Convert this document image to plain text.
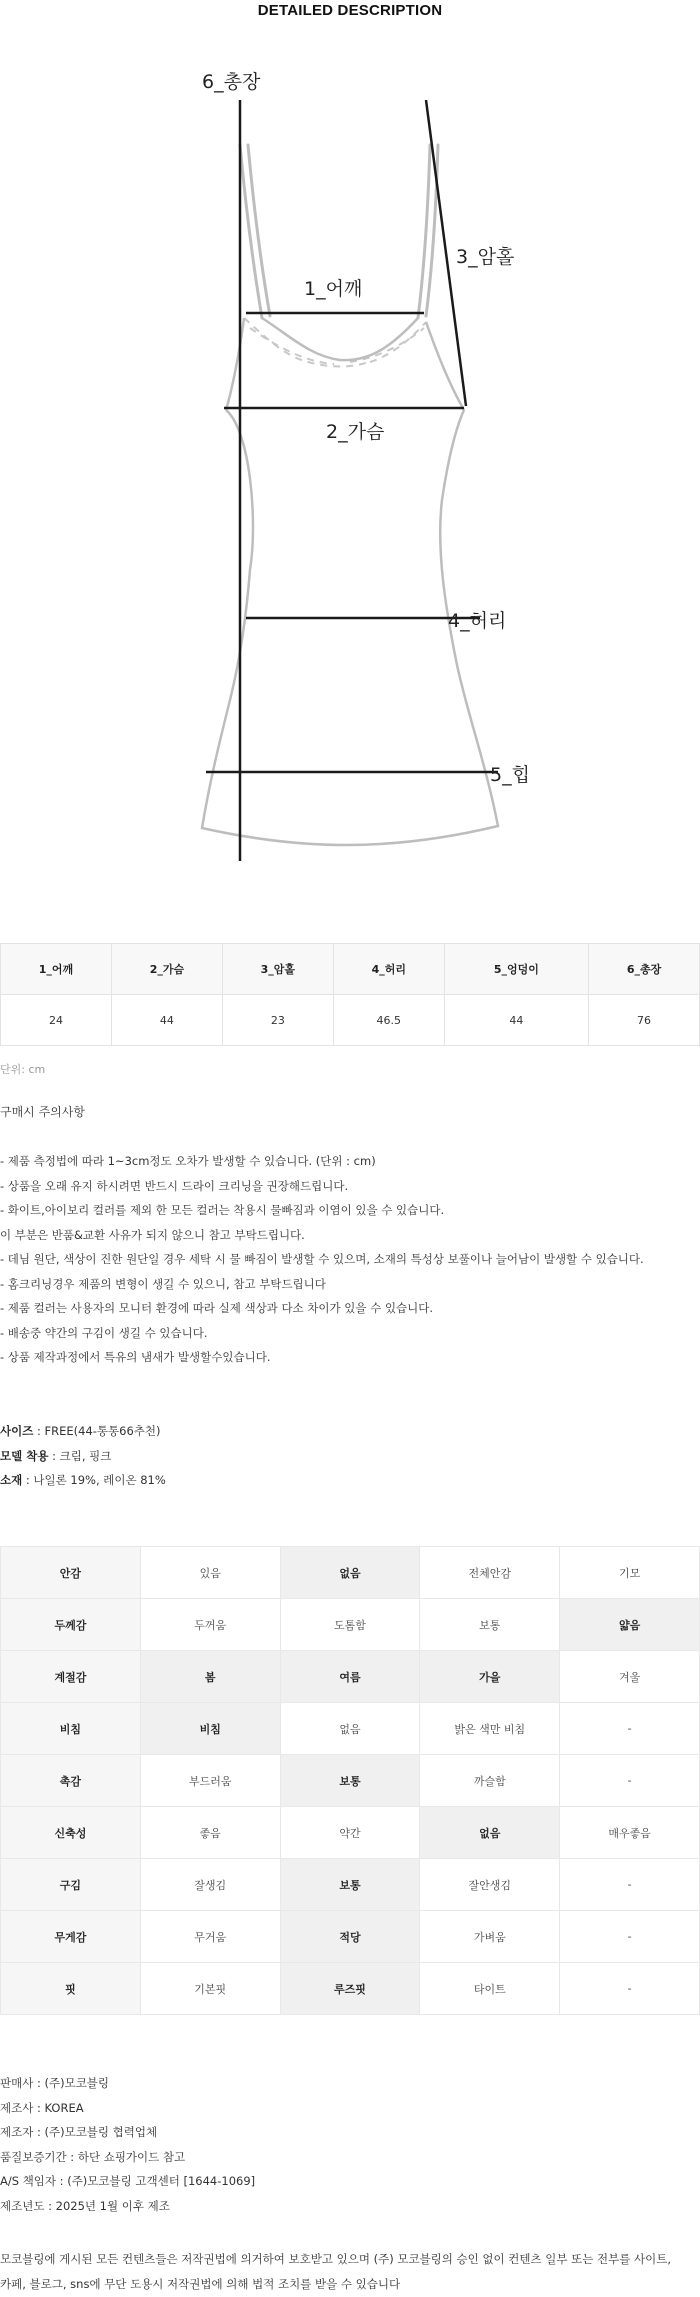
DETAILED DESCRIPTION
6_총장
1_어깨
2_가슴
3_암홀
4_허리
5_힙
1_어깨	2_가슴	3_암홀	4_허리	5_엉덩이	6_총장
24	44	23	46.5	44	76
단위: cm
구매시 주의사항
- 제품 측정법에 따라 1~3cm정도 오차가 발생할 수 있습니다. (단위 : cm)
- 상품을 오래 유지 하시려면 반드시 드라이 크리닝을 권장해드립니다.
- 화이트,아이보리 컬러를 제외 한 모든 컬러는 착용시 물빠짐과 이염이 있을 수 있습니다.
이 부분은 반품&교환 사유가 되지 않으니 참고 부탁드립니다.
- 데님 원단, 색상이 진한 원단일 경우 세탁 시 물 빠짐이 발생할 수 있으며, 소재의 특성상 보풀이나 늘어남이 발생할 수 있습니다.
- 홈크리닝경우 제품의 변형이 생길 수 있으니, 참고 부탁드립니다
- 제품 컬러는 사용자의 모니터 환경에 따라 실제 색상과 다소 차이가 있을 수 있습니다.
- 배송중 약간의 구김이 생길 수 있습니다.
- 상품 제작과정에서 특유의 냄새가 발생할수있습니다.
사이즈 : FREE(44-통통66추천)
모델 착용 : 크림, 핑크
소재 : 나일론 19%, 레이온 81%
안감	있음	없음	전체안감	기모
두께감	두꺼움	도톰함	보통	얇음
계절감	봄	여름	가을	겨울
비침	비침	없음	밝은 색만 비침	-
촉감	부드러움	보통	까슬함	-
신축성	좋음	약간	없음	매우좋음
구김	잘생김	보통	잘안생김	-
무게감	무거움	적당	가벼움	-
핏	기본핏	루즈핏	타이트	-
판매사 : (주)모코블링
제조사 : KOREA
제조자 : (주)모코블링 협력업체
품질보증기간 : 하단 쇼핑가이드 참고
A/S 책임자 : (주)모코블링 고객센터 [1644-1069]
제조년도 : 2025년 1월 이후 제조

모코블링에 게시된 모든 컨텐츠들은 저작권법에 의거하여 보호받고 있으며 (주) 모코블링의 승인 없이 컨텐츠 일부 또는 전부를 사이트,

카페, 블로그, sns에 무단 도용시 저작권법에 의해 법적 조치를 받을 수 있습니다
